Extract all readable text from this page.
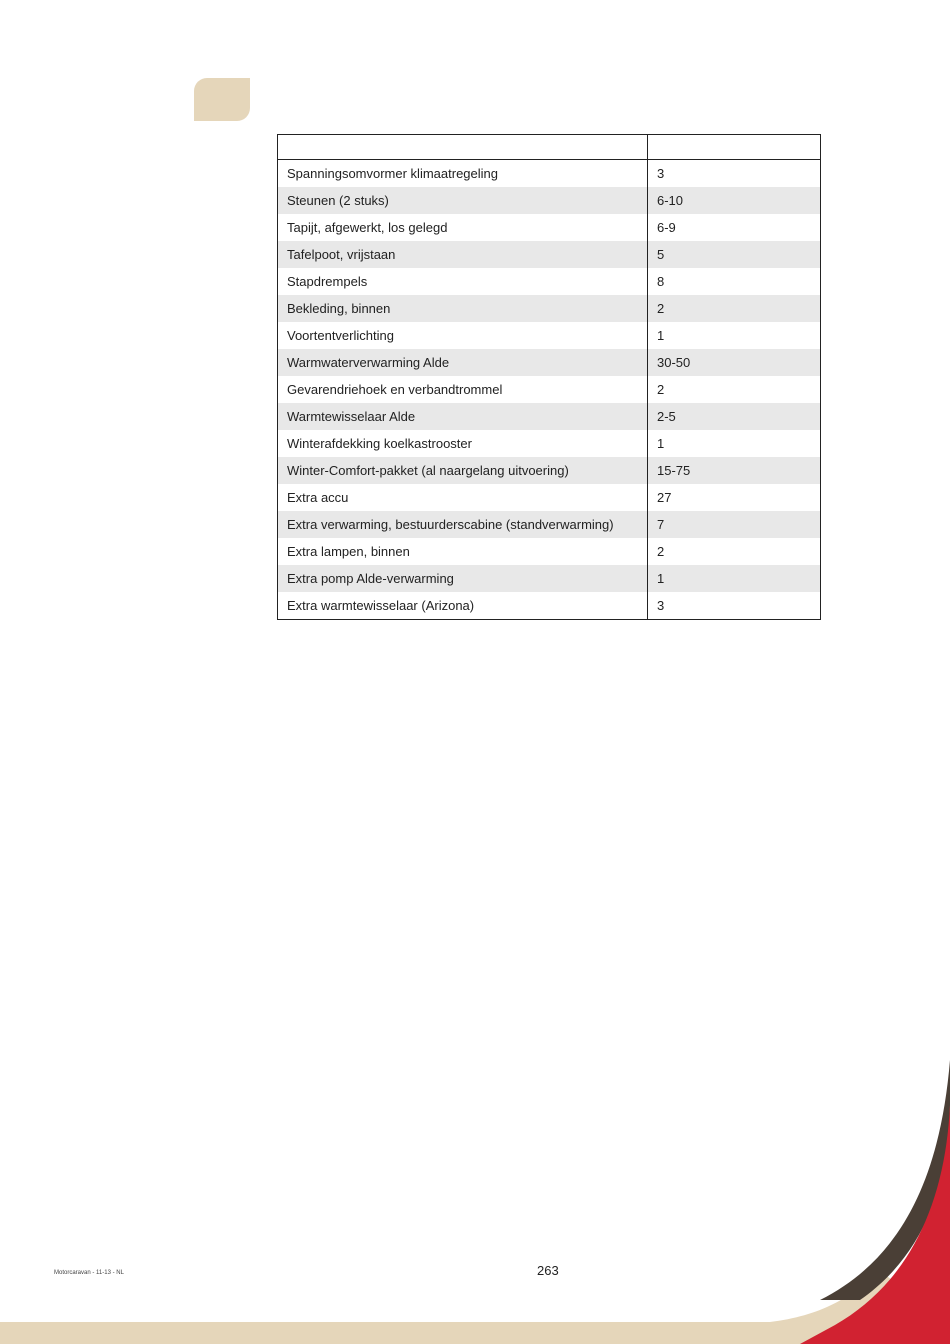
Spanningsomvormer klimaatregeling	3
Steunen (2 stuks)	6-10
Tapijt, afgewerkt, los gelegd	6-9
Tafelpoot, vrijstaan	5
Stapdrempels	8
Bekleding, binnen	2
Voortentverlichting	1
Warmwaterverwarming Alde	30-50
Gevarendriehoek en verbandtrommel	2
Warmtewisselaar Alde	2-5
Winterafdekking koelkastrooster	1
Winter-Comfort-pakket (al naargelang uitvoering)	15-75
Extra accu	27
Extra verwarming, bestuurderscabine (standverwarming)	7
Extra lampen, binnen	2
Extra pomp Alde-verwarming	1
Extra warmtewisselaar (Arizona)	3
Motorcaravan - 11-13 - NL	263
